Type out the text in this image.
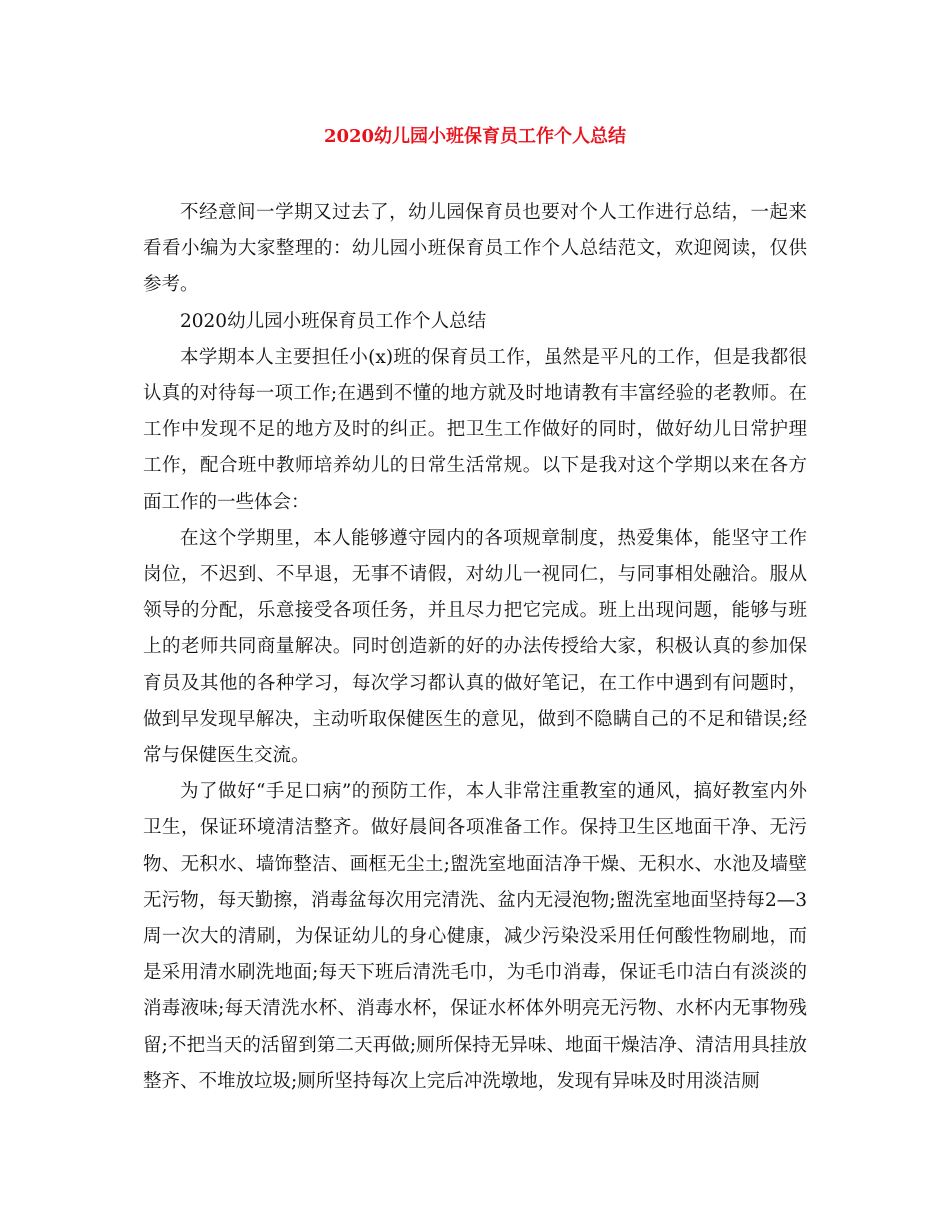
2020幼儿园小班保育员工作个人总结

不经意间一学期又过去了，幼儿园保育员也要对个人工作进行总结，一起来看看小编为大家整理的：幼儿园小班保育员工作个人总结范文，欢迎阅读，仅供参考。

2020幼儿园小班保育员工作个人总结

本学期本人主要担任小(x)班的保育员工作，虽然是平凡的工作，但是我都很认真的对待每一项工作;在遇到不懂的地方就及时地请教有丰富经验的老教师。在工作中发现不足的地方及时的纠正。把卫生工作做好的同时，做好幼儿日常护理工作，配合班中教师培养幼儿的日常生活常规。以下是我对这个学期以来在各方面工作的一些体会：

在这个学期里，本人能够遵守园内的各项规章制度，热爱集体，能坚守工作岗位，不迟到、不早退，无事不请假，对幼儿一视同仁，与同事相处融洽。服从领导的分配，乐意接受各项任务，并且尽力把它完成。班上出现问题，能够与班上的老师共同商量解决。同时创造新的好的办法传授给大家，积极认真的参加保育员及其他的各种学习，每次学习都认真的做好笔记，在工作中遇到有问题时，做到早发现早解决，主动听取保健医生的意见，做到不隐瞒自己的不足和错误;经常与保健医生交流。

为了做好“手足口病”的预防工作，本人非常注重教室的通风，搞好教室内外卫生，保证环境清洁整齐。做好晨间各项准备工作。保持卫生区地面干净、无污物、无积水、墙饰整洁、画框无尘土;盥洗室地面洁净干燥、无积水、水池及墙壁无污物，每天勤擦，消毒盆每次用完清洗、盆内无浸泡物;盥洗室地面坚持每2—3周一次大的清刷，为保证幼儿的身心健康，减少污染没采用任何酸性物刷地，而是采用清水刷洗地面;每天下班后清洗毛巾，为毛巾消毒，保证毛巾洁白有淡淡的消毒液味;每天清洗水杯、消毒水杯，保证水杯体外明亮无污物、水杯内无事物残留;不把当天的活留到第二天再做;厕所保持无异味、地面干燥洁净、清洁用具挂放整齐、不堆放垃圾;厕所坚持每次上完后冲洗墩地，发现有异味及时用淡洁厕
